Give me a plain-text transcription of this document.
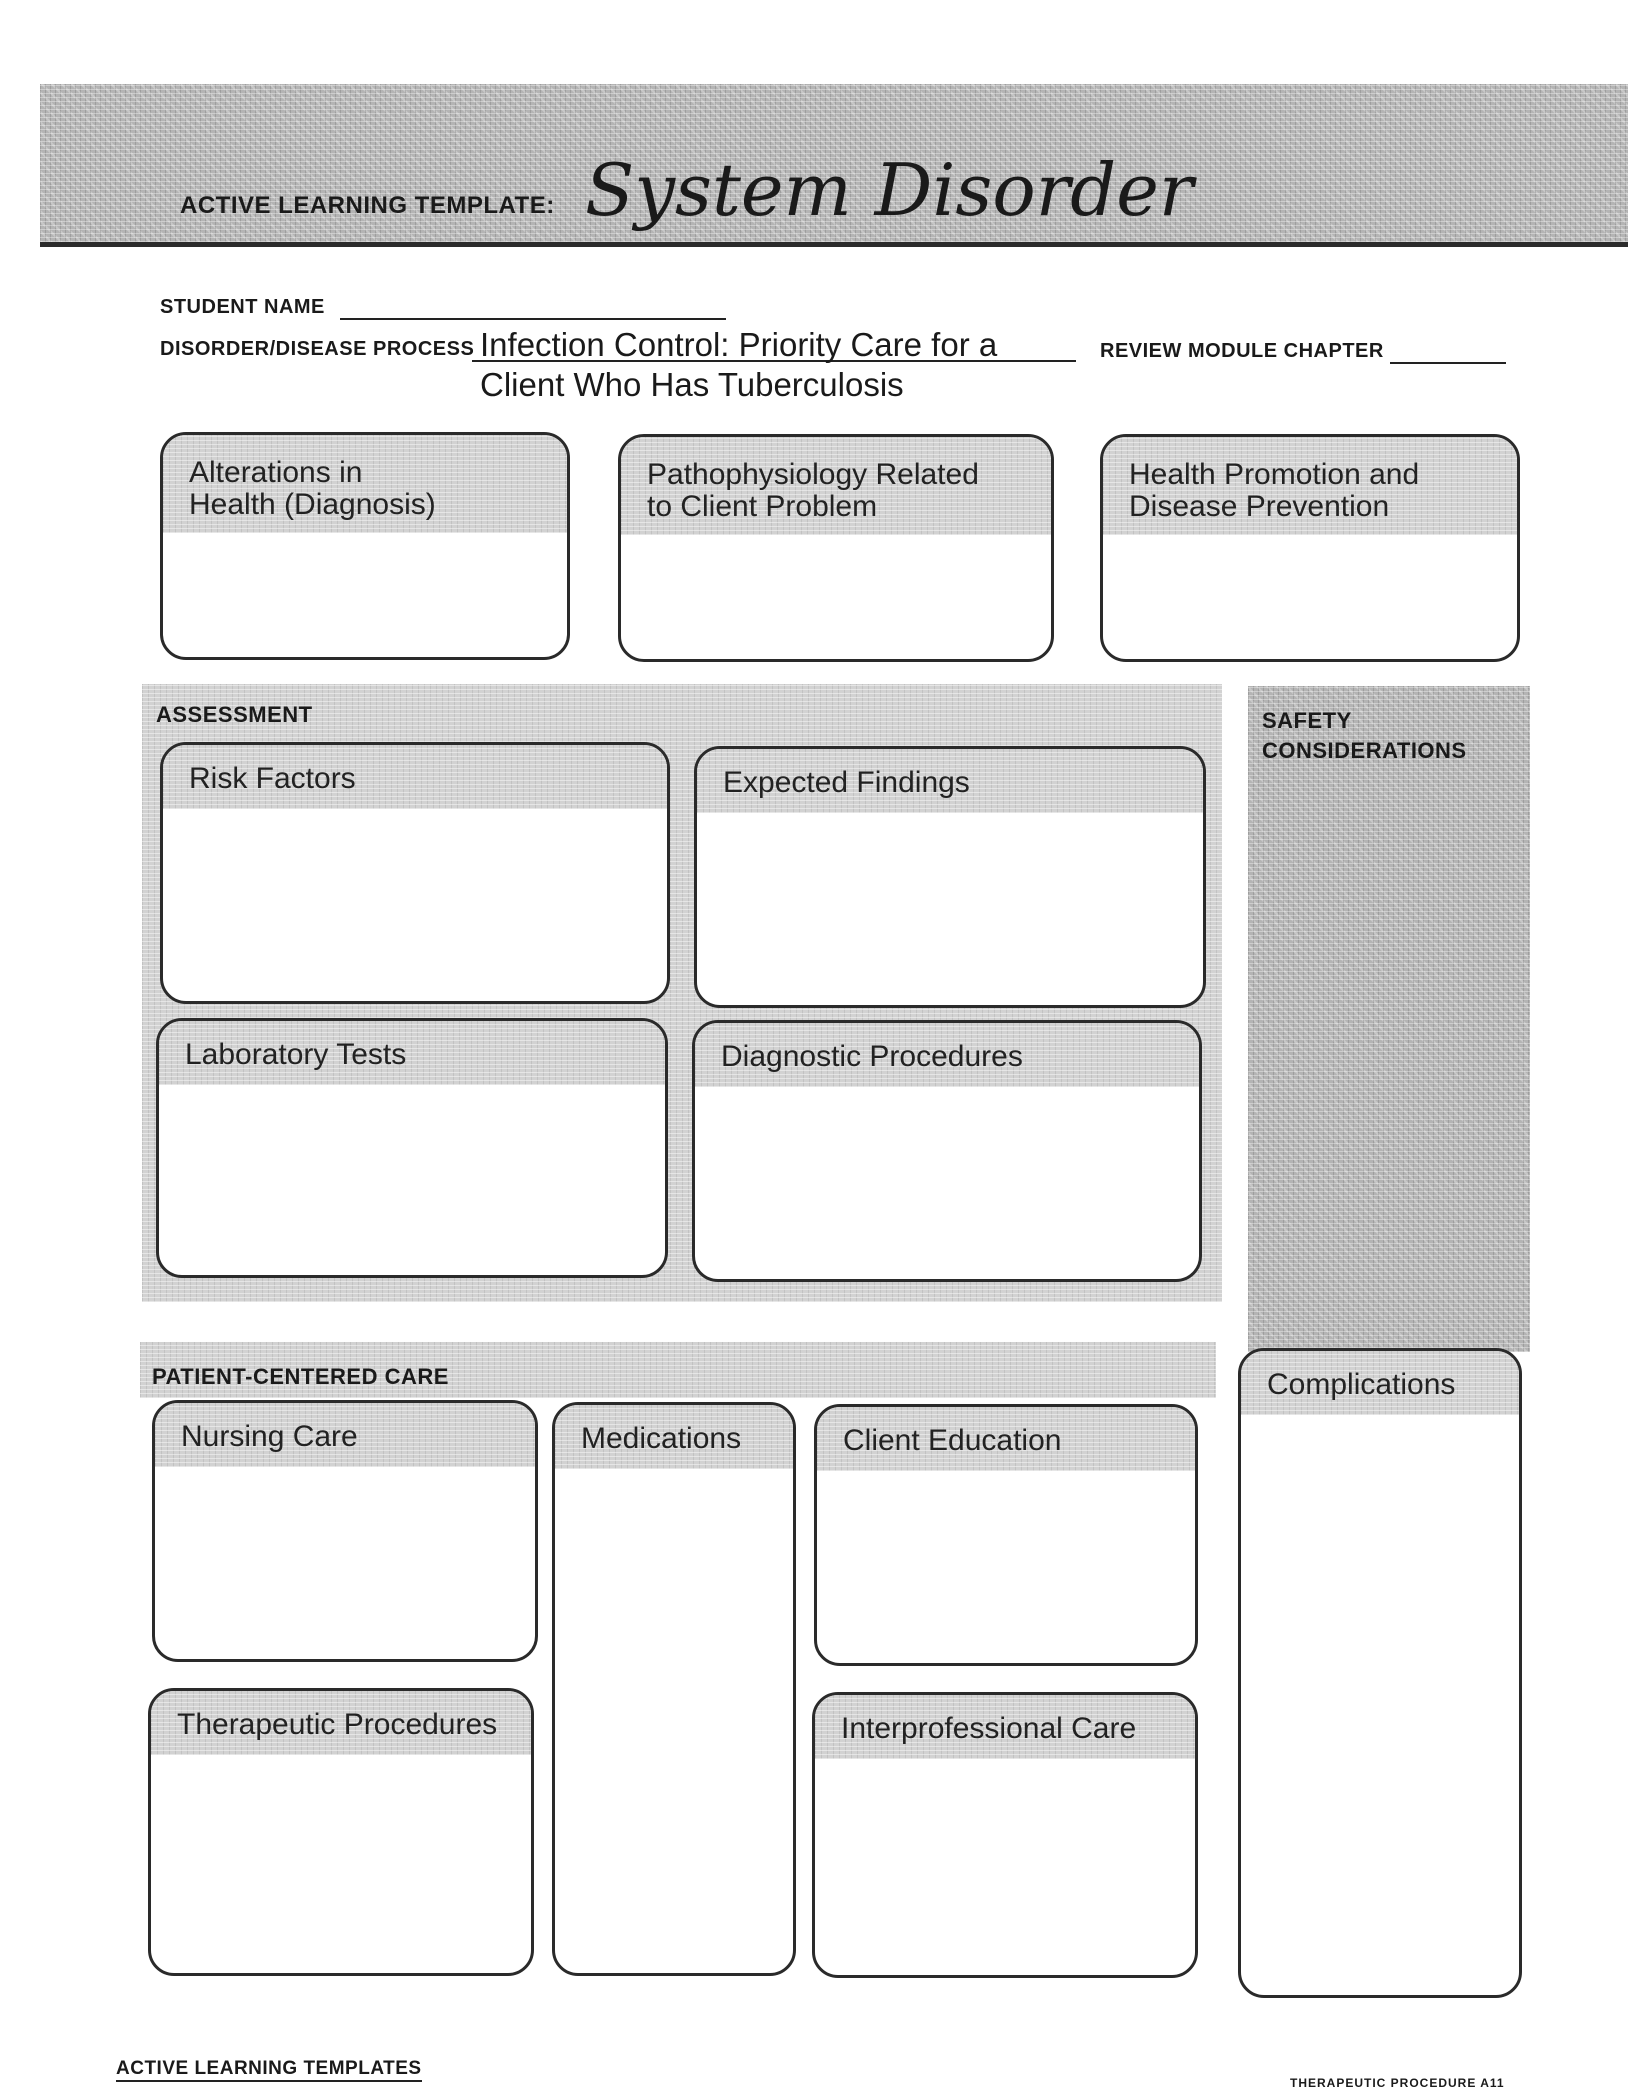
ACTIVE LEARNING TEMPLATE: System Disorder
STUDENT NAME
DISORDER/DISEASE PROCESS Infection Control: Priority Care for a
Client Who Has Tuberculosis
REVIEW MODULE CHAPTER
Alterations in
Health (Diagnosis)
Pathophysiology Related
to Client Problem
Health Promotion and
Disease Prevention
ASSESSMENT
Risk Factors	Expected Findings
Laboratory Tests	Diagnostic Procedures
SAFETY
CONSIDERATIONS
Complications
PATIENT-CENTERED CARE
Nursing Care	Medications	Client Education
Therapeutic Procedures	Interprofessional Care
ACTIVE LEARNING TEMPLATES
THERAPEUTIC PROCEDURE A11
